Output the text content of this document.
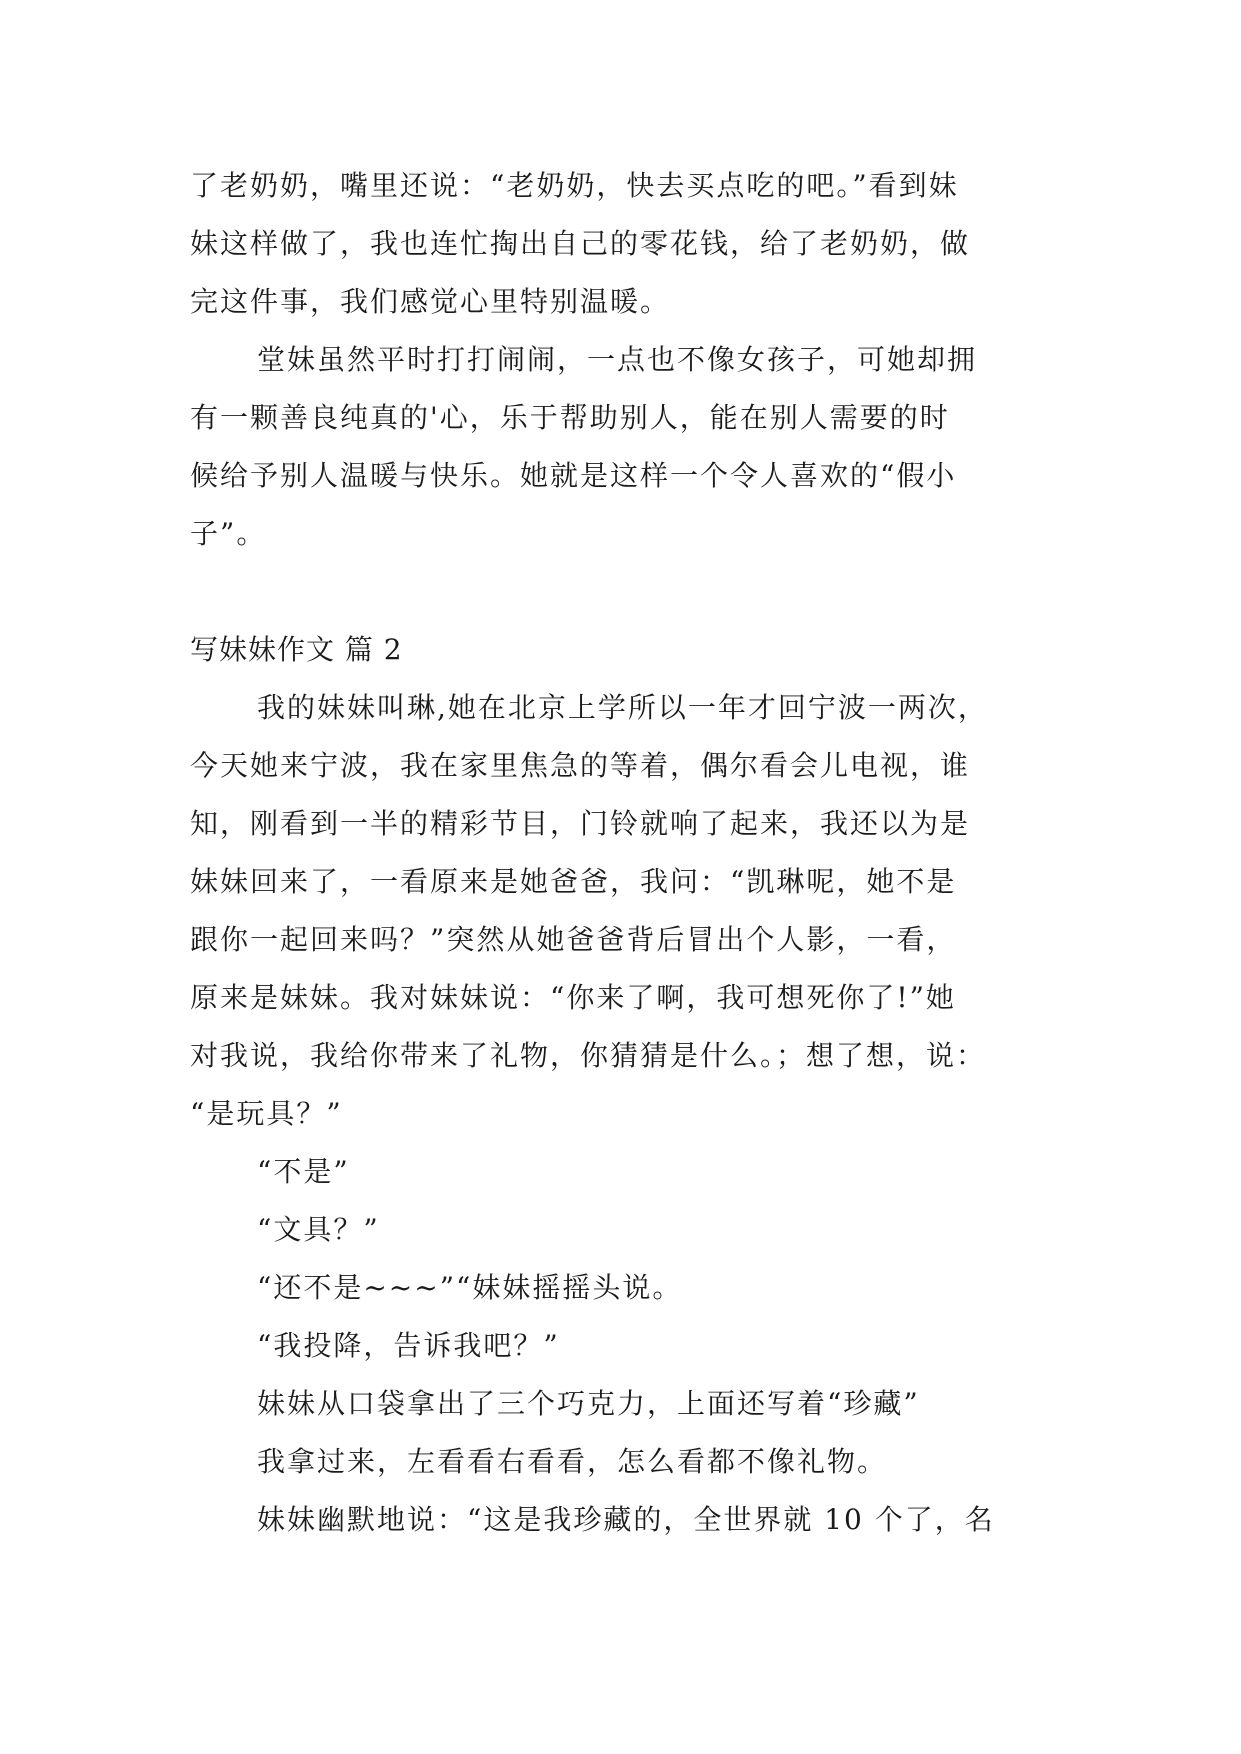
了老奶奶，嘴里还说：“老奶奶，快去买点吃的吧。”看到妹

妹这样做了，我也连忙掏出自己的零花钱，给了老奶奶，做

完这件事，我们感觉心里特别温暖。

堂妹虽然平时打打闹闹，一点也不像女孩子，可她却拥

有一颗善良纯真的'心，乐于帮助别人，能在别人需要的时

候给予别人温暖与快乐。她就是这样一个令人喜欢的“假小

子”。

写妹妹作文 篇 2

我的妹妹叫琳,她在北京上学所以一年才回宁波一两次，

今天她来宁波，我在家里焦急的等着，偶尔看会儿电视，谁

知，刚看到一半的精彩节目，门铃就响了起来，我还以为是

妹妹回来了，一看原来是她爸爸，我问：“凯琳呢，她不是

跟你一起回来吗？”突然从她爸爸背后冒出个人影，一看，

原来是妹妹。我对妹妹说：“你来了啊，我可想死你了!”她

对我说，我给你带来了礼物，你猜猜是什么。；想了想，说：

“是玩具？”

“不是”

“文具？”

“还不是~~~”“妹妹摇摇头说。

“我投降，告诉我吧？”

妹妹从口袋拿出了三个巧克力，上面还写着“珍藏”

我拿过来，左看看右看看，怎么看都不像礼物。

妹妹幽默地说：“这是我珍藏的，全世界就 10 个了，名
